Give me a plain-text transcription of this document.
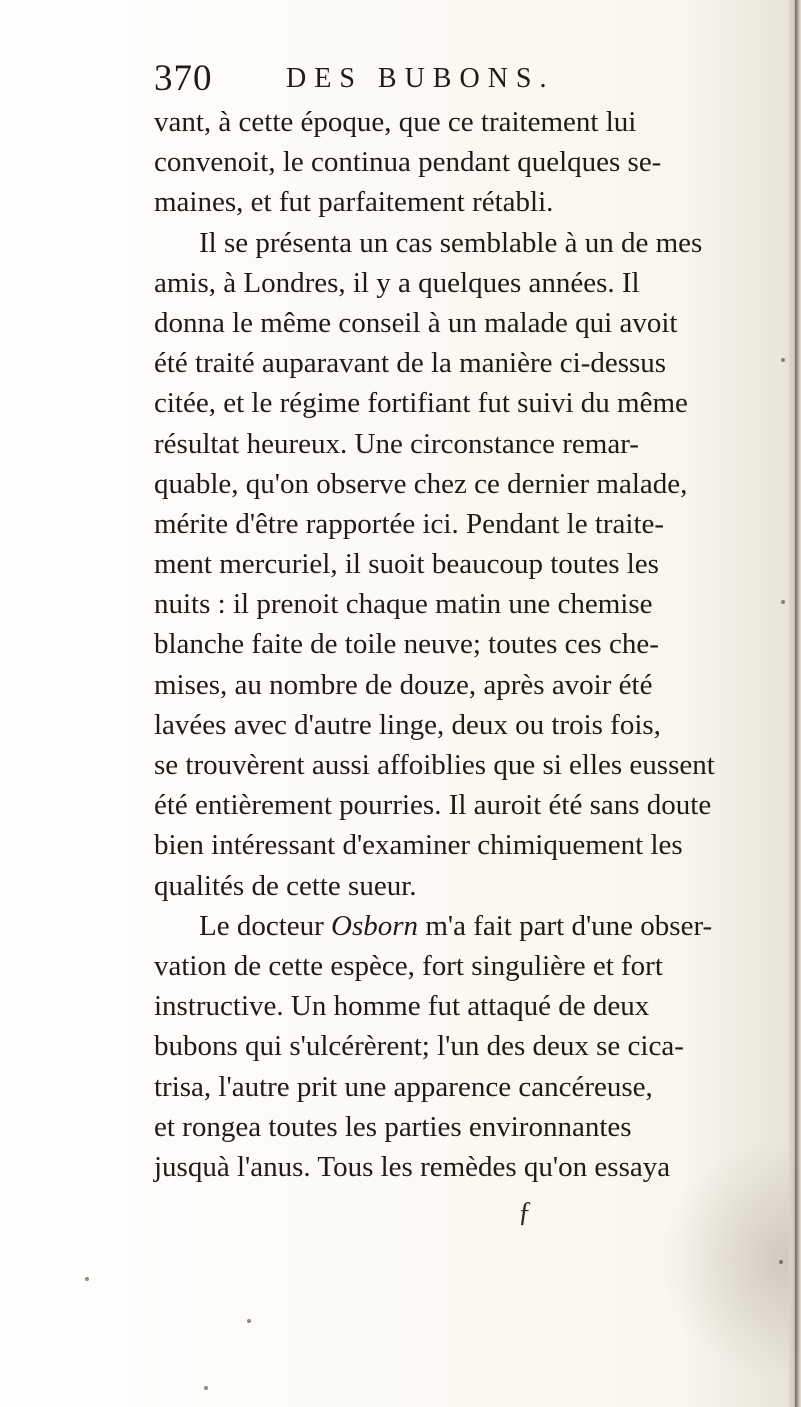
370	DES BUBONS.
vant, à cette époque, que ce traitement lui
convenoit, le continua pendant quelques se-
maines, et fut parfaitement rétabli.
Il se présenta un cas semblable à un de mes
amis, à Londres, il y a quelques années. Il
donna le même conseil à un malade qui avoit
été traité auparavant de la manière ci-dessus
citée, et le régime fortifiant fut suivi du même
résultat heureux. Une circonstance remar-
quable, qu'on observe chez ce dernier malade,
mérite d'être rapportée ici. Pendant le traite-
ment mercuriel, il suoit beaucoup toutes les
nuits : il prenoit chaque matin une chemise
blanche faite de toile neuve; toutes ces che-
mises, au nombre de douze, après avoir été
lavées avec d'autre linge, deux ou trois fois,
se trouvèrent aussi affoiblies que si elles eussent
été entièrement pourries. Il auroit été sans doute
bien intéressant d'examiner chimiquement les
qualités de cette sueur.
Le docteur Osborn m'a fait part d'une obser-
vation de cette espèce, fort singulière et fort
instructive. Un homme fut attaqué de deux
bubons qui s'ulcérèrent; l'un des deux se cica-
trisa, l'autre prit une apparence cancéreuse,
et rongea toutes les parties environnantes
jusquà l'anus. Tous les remèdes qu'on essaya
ƒ
